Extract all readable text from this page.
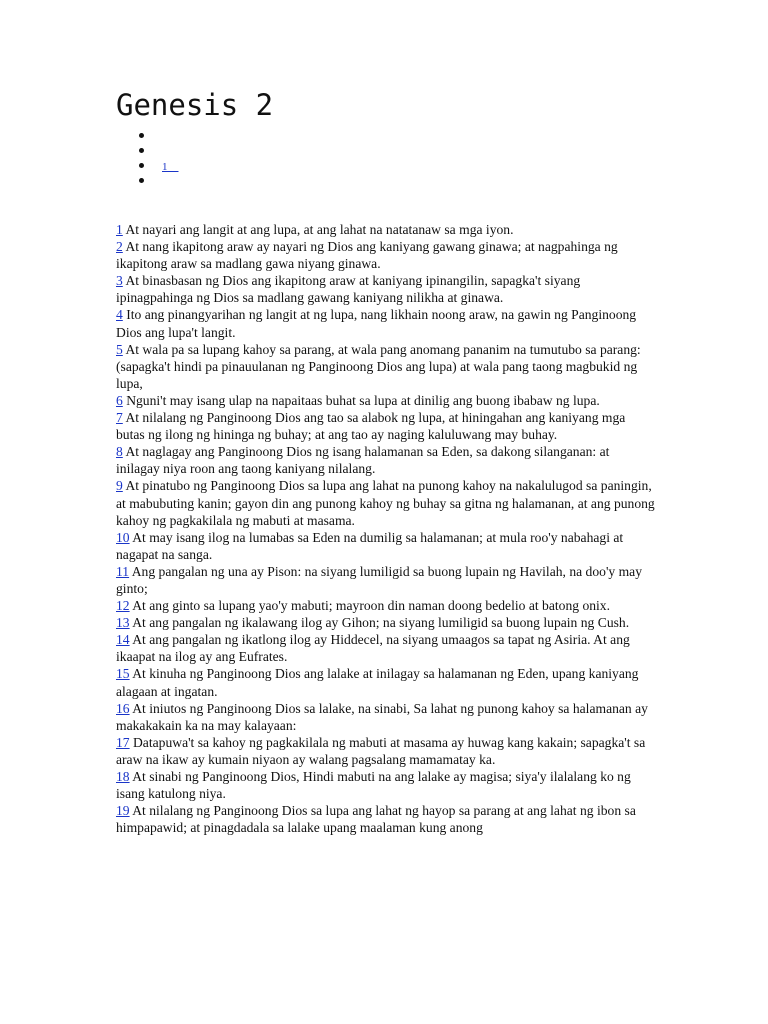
Genesis 2
1

1 At nayari ang langit at ang lupa, at ang lahat na natatanaw sa mga iyon.

2 At nang ikapitong araw ay nayari ng Dios ang kaniyang gawang ginawa; at nagpahinga ng ikapitong araw sa madlang gawa niyang ginawa.

3 At binasbasan ng Dios ang ikapitong araw at kaniyang ipinangilin, sapagka't siyang ipinagpahinga ng Dios sa madlang gawang kaniyang nilikha at ginawa.

4 Ito ang pinangyarihan ng langit at ng lupa, nang likhain noong araw, na gawin ng Panginoong Dios ang lupa't langit.

5 At wala pa sa lupang kahoy sa parang, at wala pang anomang pananim na tumutubo sa parang: (sapagka't hindi pa pinauulanan ng Panginoong Dios ang lupa) at wala pang taong magbukid ng lupa,

6 Nguni't may isang ulap na napaitaas buhat sa lupa at dinilig ang buong ibabaw ng lupa.

7 At nilalang ng Panginoong Dios ang tao sa alabok ng lupa, at hiningahan ang kaniyang mga butas ng ilong ng hininga ng buhay; at ang tao ay naging kaluluwang may buhay.

8 At naglagay ang Panginoong Dios ng isang halamanan sa Eden, sa dakong silanganan: at inilagay niya roon ang taong kaniyang nilalang.

9 At pinatubo ng Panginoong Dios sa lupa ang lahat na punong kahoy na nakalulugod sa paningin, at mabubuting kanin; gayon din ang punong kahoy ng buhay sa gitna ng halamanan, at ang punong kahoy ng pagkakilala ng mabuti at masama.

10 At may isang ilog na lumabas sa Eden na dumilig sa halamanan; at mula roo'y nabahagi at nagapat na sanga.

11 Ang pangalan ng una ay Pison: na siyang lumiligid sa buong lupain ng Havilah, na doo'y may ginto;

12 At ang ginto sa lupang yao'y mabuti; mayroon din naman doong bedelio at batong onix.

13 At ang pangalan ng ikalawang ilog ay Gihon; na siyang lumiligid sa buong lupain ng Cush.

14 At ang pangalan ng ikatlong ilog ay Hiddecel, na siyang umaagos sa tapat ng Asiria. At ang ikaapat na ilog ay ang Eufrates.

15 At kinuha ng Panginoong Dios ang lalake at inilagay sa halamanan ng Eden, upang kaniyang alagaan at ingatan.

16 At iniutos ng Panginoong Dios sa lalake, na sinabi, Sa lahat ng punong kahoy sa halamanan ay makakakain ka na may kalayaan:

17 Datapuwa't sa kahoy ng pagkakilala ng mabuti at masama ay huwag kang kakain; sapagka't sa araw na ikaw ay kumain niyaon ay walang pagsalang mamamatay ka.

18 At sinabi ng Panginoong Dios, Hindi mabuti na ang lalake ay magisa; siya'y ilalalang ko ng isang katulong niya.

19 At nilalang ng Panginoong Dios sa lupa ang lahat ng hayop sa parang at ang lahat ng ibon sa himpapawid; at pinagdadala sa lalake upang maalaman kung anong
